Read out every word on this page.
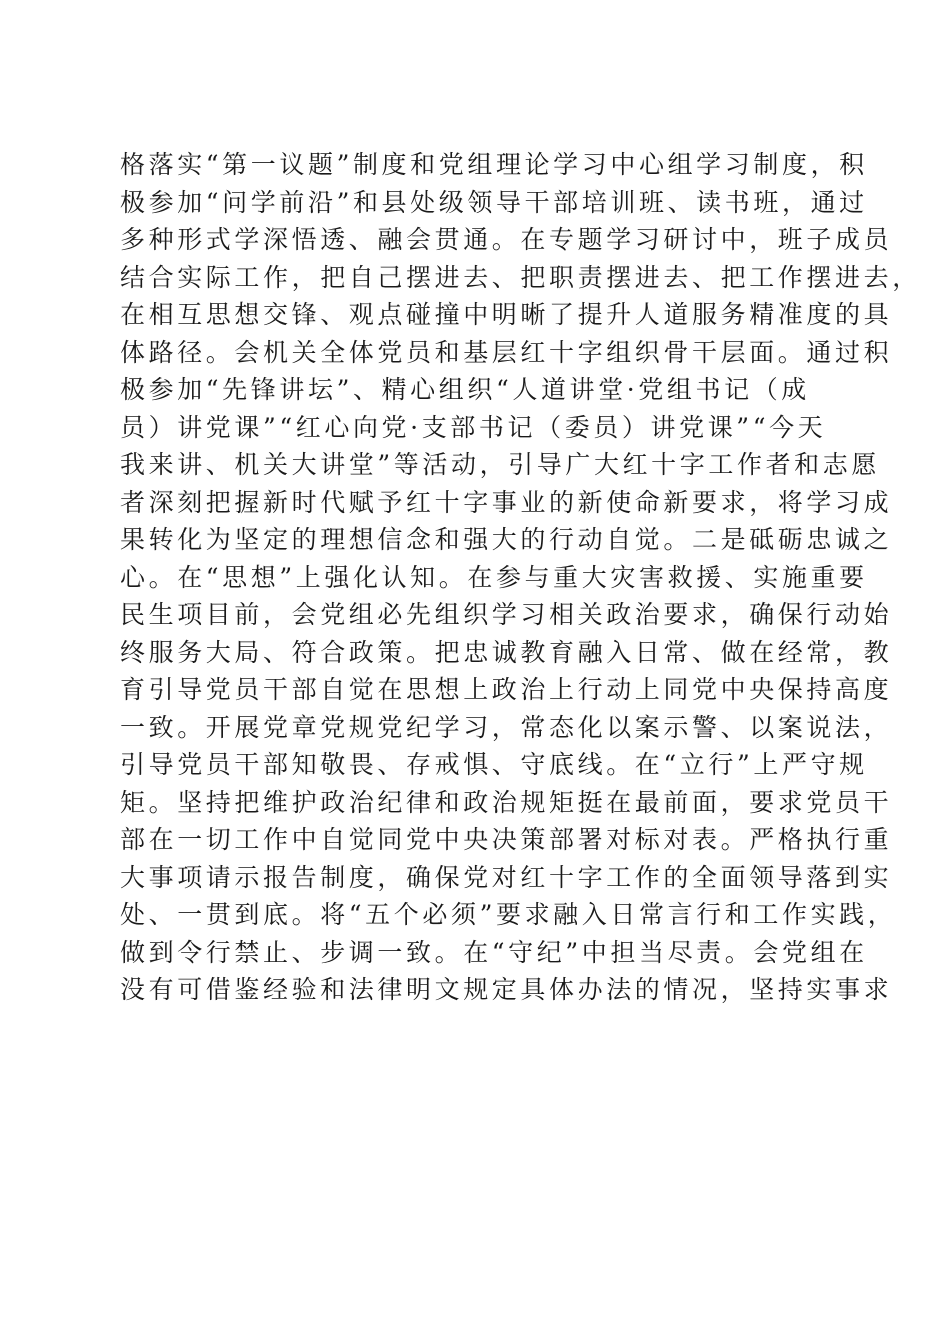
格落实“第一议题”制度和党组理论学习中心组学习制度，积
极参加“问学前沿”和县处级领导干部培训班、读书班，通过
多种形式学深悟透、融会贯通。在专题学习研讨中，班子成员
结合实际工作，把自己摆进去、把职责摆进去、把工作摆进去，
在相互思想交锋、观点碰撞中明晰了提升人道服务精准度的具
体路径。会机关全体党员和基层红十字组织骨干层面。通过积
极参加“先锋讲坛”、精心组织“人道讲堂·党组书记（成
员）讲党课”“红心向党·支部书记（委员）讲党课”“今天
我来讲、机关大讲堂”等活动，引导广大红十字工作者和志愿
者深刻把握新时代赋予红十字事业的新使命新要求，将学习成
果转化为坚定的理想信念和强大的行动自觉。二是砥砺忠诚之
心。在“思想”上强化认知。在参与重大灾害救援、实施重要
民生项目前，会党组必先组织学习相关政治要求，确保行动始
终服务大局、符合政策。把忠诚教育融入日常、做在经常，教
育引导党员干部自觉在思想上政治上行动上同党中央保持高度
一致。开展党章党规党纪学习，常态化以案示警、以案说法，
引导党员干部知敬畏、存戒惧、守底线。在“立行”上严守规
矩。坚持把维护政治纪律和政治规矩挺在最前面，要求党员干
部在一切工作中自觉同党中央决策部署对标对表。严格执行重
大事项请示报告制度，确保党对红十字工作的全面领导落到实
处、一贯到底。将“五个必须”要求融入日常言行和工作实践，
做到令行禁止、步调一致。在“守纪”中担当尽责。会党组在
没有可借鉴经验和法律明文规定具体办法的情况，坚持实事求
